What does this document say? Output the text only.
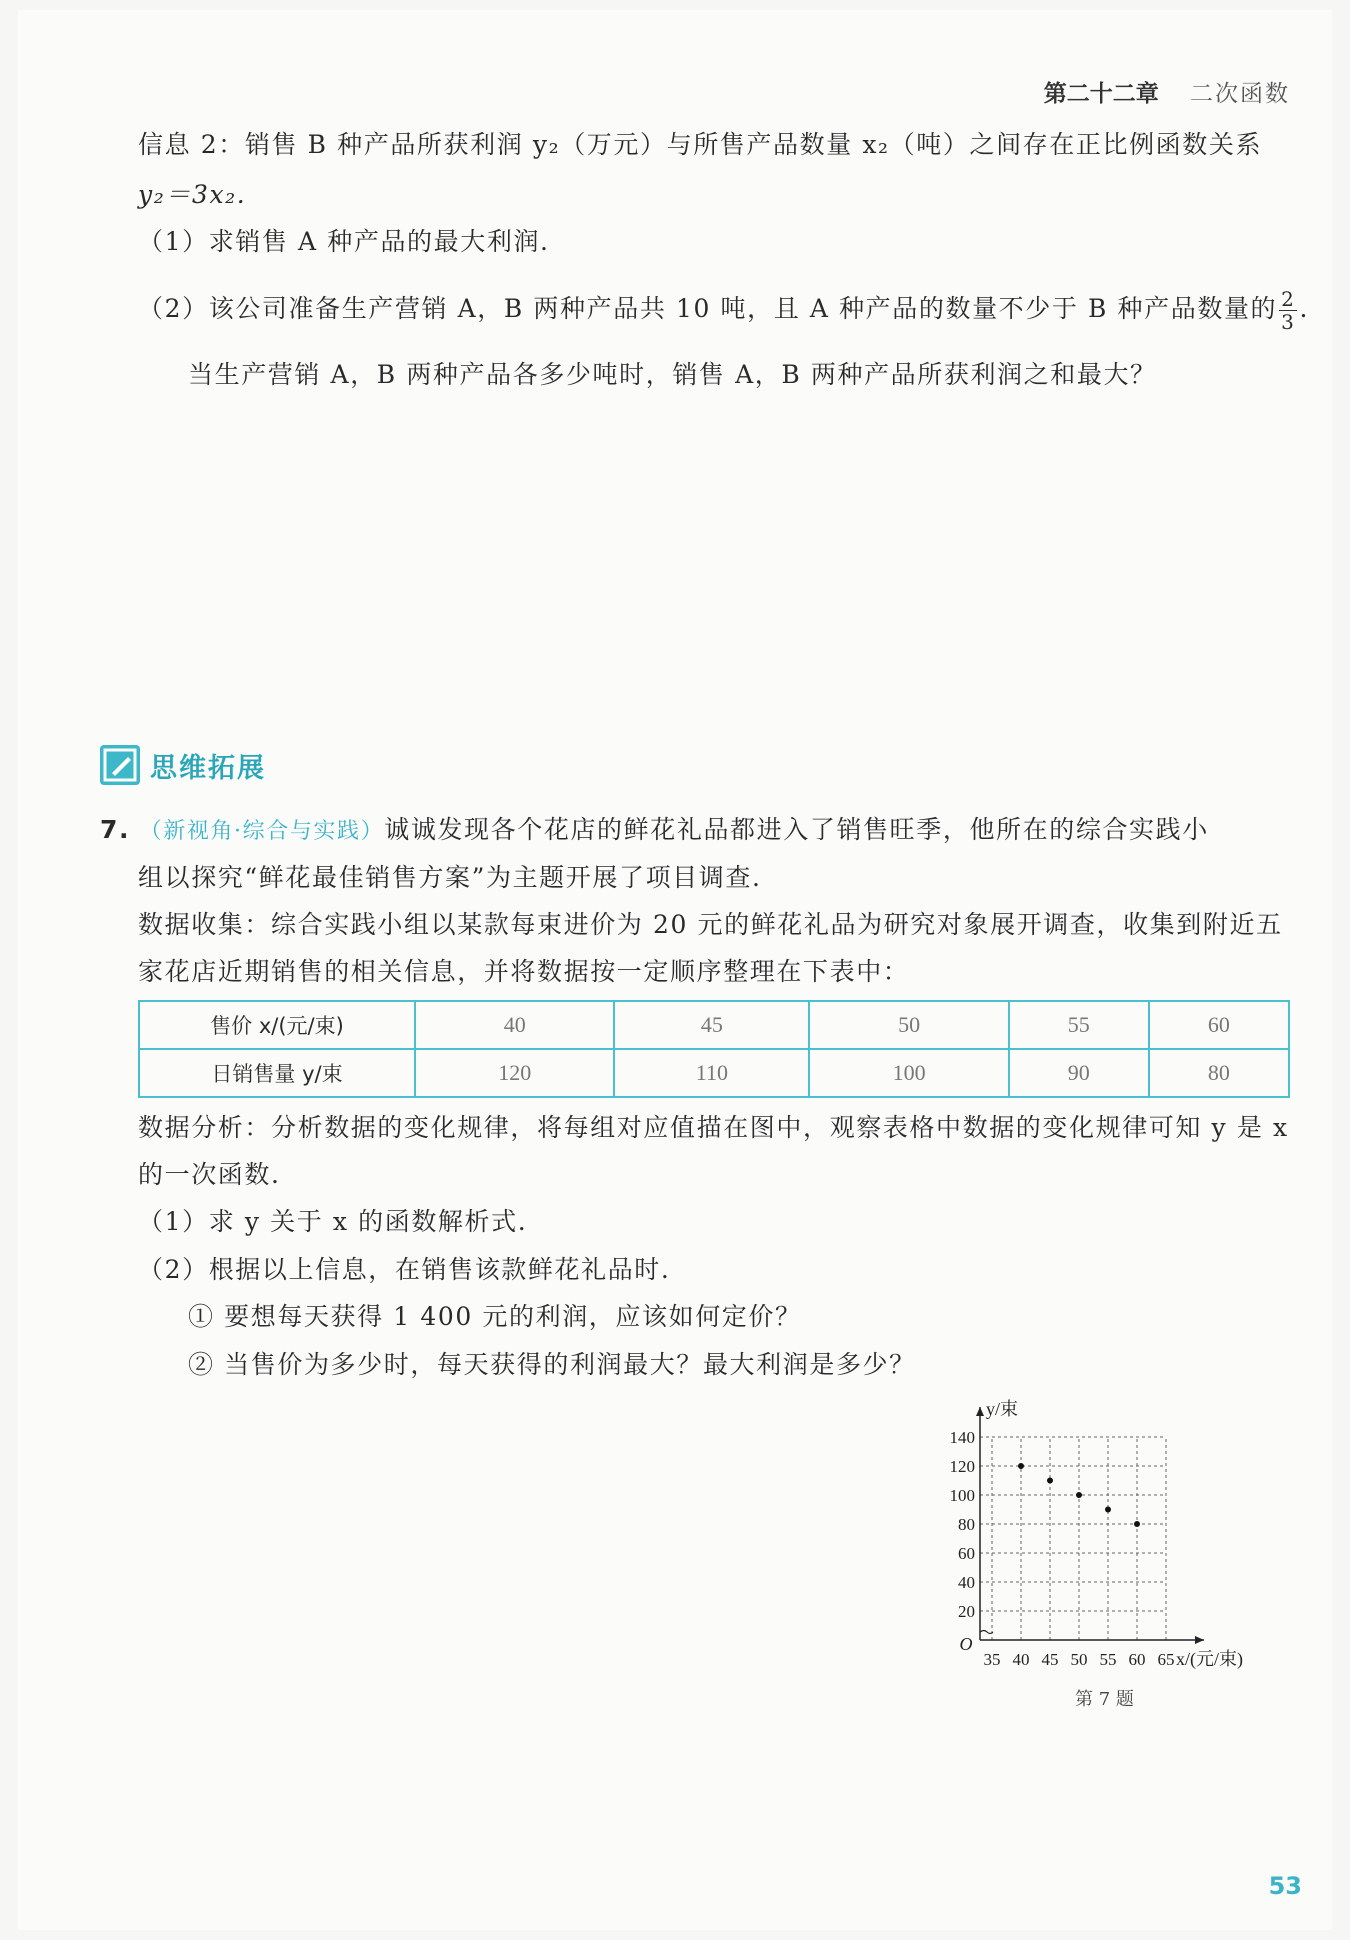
第二十二章 二次函数
信息 2：销售 B 种产品所获利润 y₂（万元）与所售产品数量 x₂（吨）之间存在正比例函数关系
y₂＝3x₂.
（1）求销售 A 种产品的最大利润.
（2）该公司准备生产营销 A，B 两种产品共 10 吨，且 A 种产品的数量不少于 B 种产品数量的 $\frac{2}{3}$ .
当生产营销 A，B 两种产品各多少吨时，销售 A，B 两种产品所获利润之和最大？
思维拓展
7. （新视角·综合与实践）诚诚发现各个花店的鲜花礼品都进入了销售旺季，他所在的综合实践小
组以探究“鲜花最佳销售方案”为主题开展了项目调查.
数据收集：综合实践小组以某款每束进价为 20 元的鲜花礼品为研究对象展开调查，收集到附近五
家花店近期销售的相关信息，并将数据按一定顺序整理在下表中：
售价 x/(元/束)	40	45	50	55	60
日销售量 y/束	120	110	100	90	80
数据分析：分析数据的变化规律，将每组对应值描在图中，观察表格中数据的变化规律可知 y 是 x
的一次函数.
（1）求 y 关于 x 的函数解析式.
（2）根据以上信息，在销售该款鲜花礼品时.
① 要想每天获得 1 400 元的利润，应该如何定价？
② 当售价为多少时，每天获得的利润最大？最大利润是多少？
35 40 45 50 55 60 65
20
40
60
80
100
120
140
O
x/(元/束)
y/束
第 7 题
53
